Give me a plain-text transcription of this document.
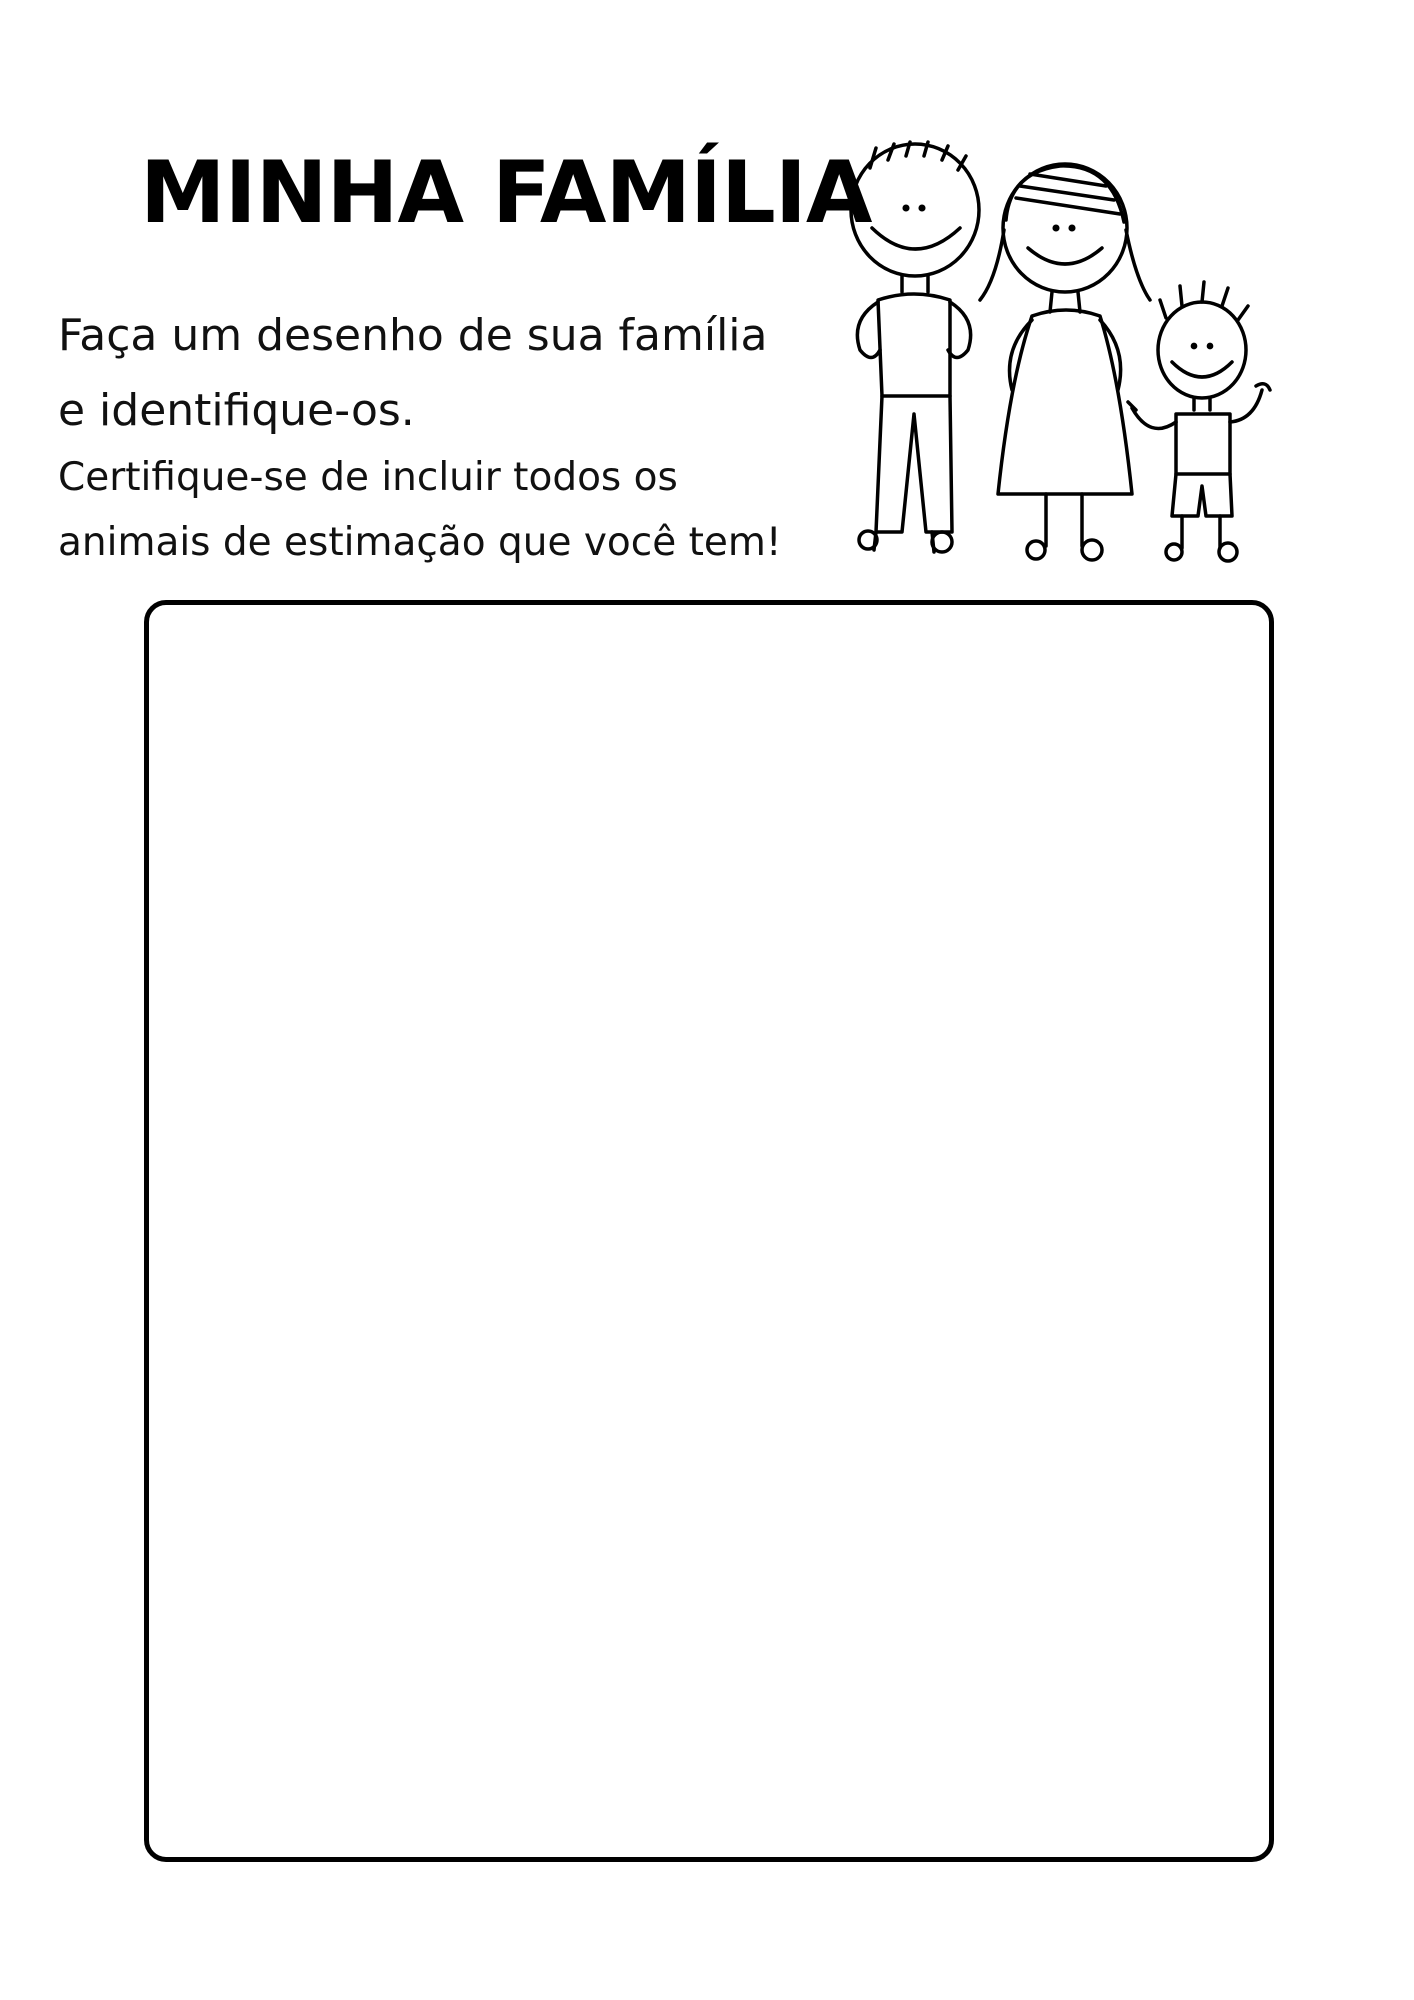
MINHA FAMÍLIA
Faça um desenho de sua família
e identifique-os.
Certifique-se de incluir todos os
animais de estimação que você tem!
